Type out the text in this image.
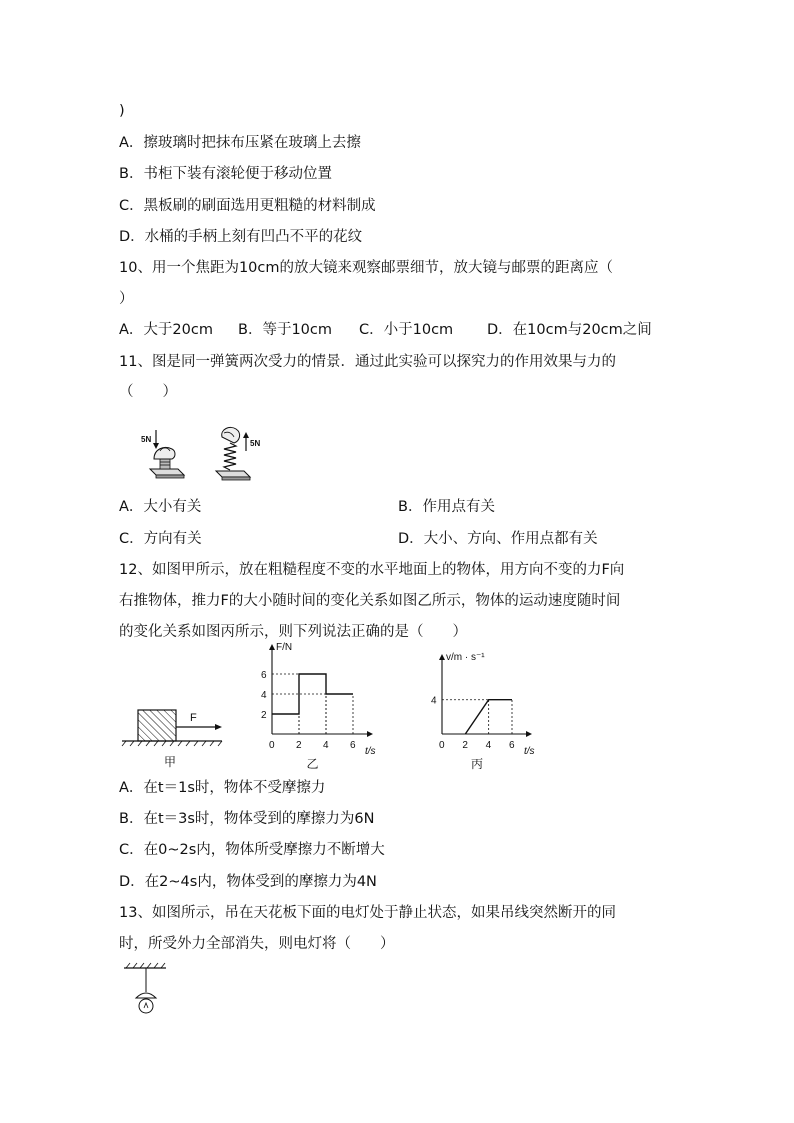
)
A．擦玻璃时把抹布压紧在玻璃上去擦
B．书柜下装有滚轮便于移动位置
C．黑板刷的刷面选用更粗糙的材料制成
D．水桶的手柄上刻有凹凸不平的花纹
10、用一个焦距为10cm的放大镜来观察邮票细节，放大镜与邮票的距离应（
）
A．大于20cm B．等于10cm C．小于10cm D．在10cm与20cm之间
11、图是同一弹簧两次受力的情景．通过此实验可以探究力的作用效果与力的
（　　）
5N	5N
A．大小有关	B．作用点有关
C．方向有关	D．大小、方向、作用点都有关
12、如图甲所示，放在粗糙程度不变的水平地面上的物体，用方向不变的力F向
右推物体，推力F的大小随时间的变化关系如图乙所示，物体的运动速度随时间
的变化关系如图丙所示，则下列说法正确的是（　　）
F
甲
F/N
t/s
0 2 4 6
2
4
6
乙
v/m · s⁻¹
t/s
0 2 4 6
4
丙
A．在t＝1s时，物体不受摩擦力
B．在t＝3s时，物体受到的摩擦力为6N
C．在0~2s内，物体所受摩擦力不断增大
D．在2~4s内，物体受到的摩擦力为4N
13、如图所示，吊在天花板下面的电灯处于静止状态，如果吊线突然断开的同
时，所受外力全部消失，则电灯将（　　）
